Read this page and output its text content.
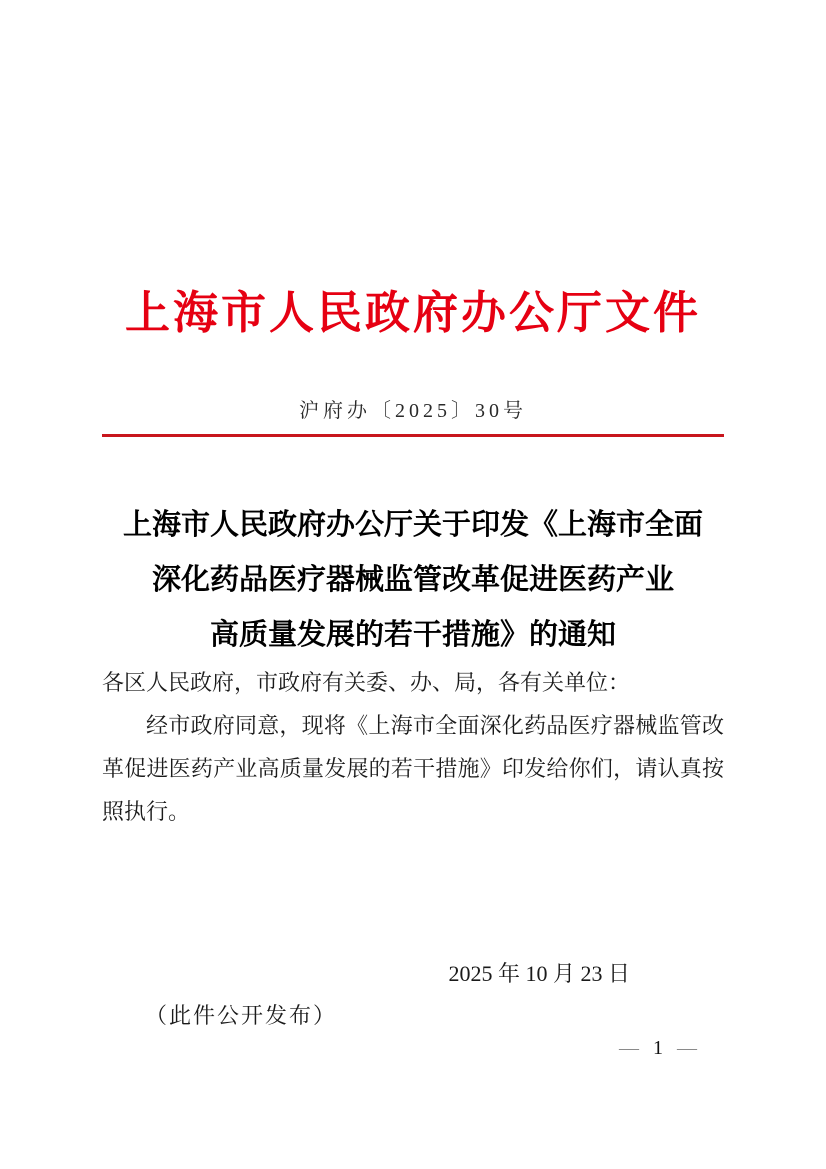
上海市人民政府办公厅文件
沪府办〔2025〕30号
上海市人民政府办公厅关于印发《上海市全面
深化药品医疗器械监管改革促进医药产业
高质量发展的若干措施》的通知
各区人民政府，市政府有关委、办、局，各有关单位：
经市政府同意，现将《上海市全面深化药品医疗器械监管改革促进医药产业高质量发展的若干措施》印发给你们，请认真按照执行。
2025 年 10 月 23 日
（此件公开发布）
— 1 —
